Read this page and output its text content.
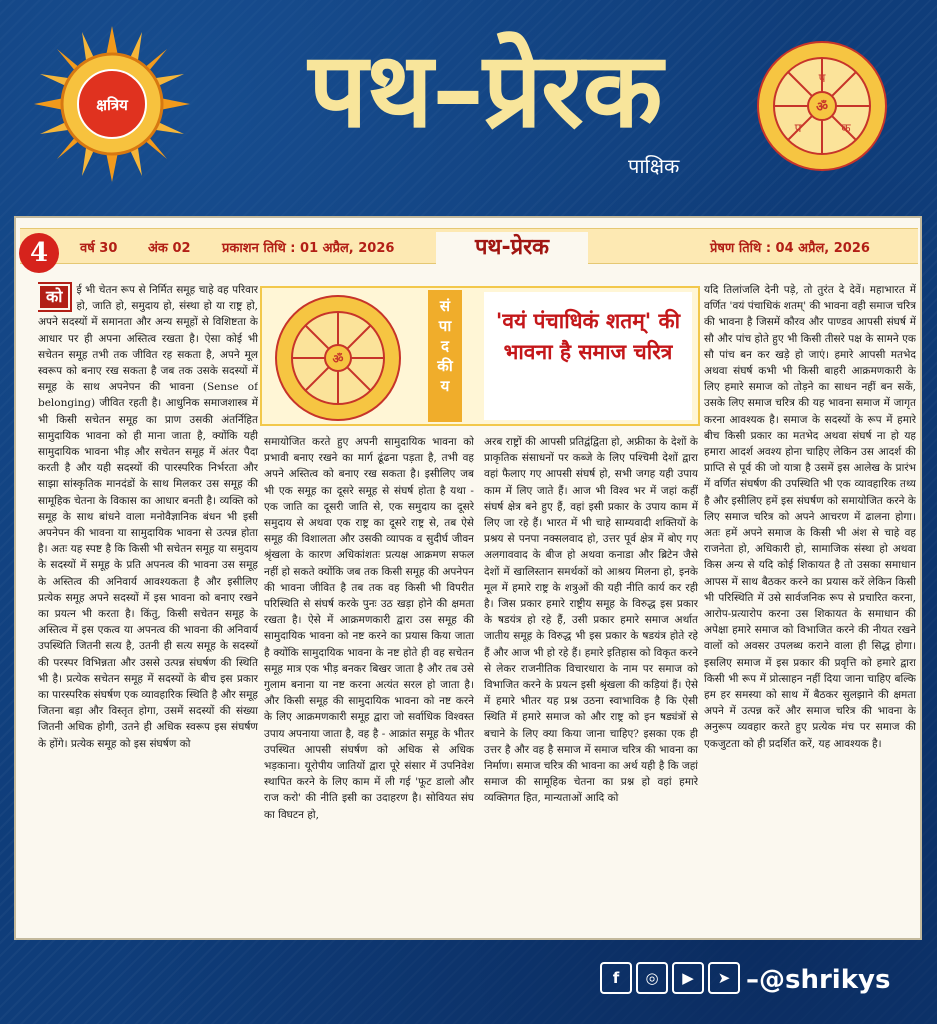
क्षत्रिय	पथ–प्रेरक
पाक्षिक
ॐ
प
प्र	क
वर्ष 30 अंक 02 प्रकाशन तिथि : 01 अप्रैल, 2026	प्रेषण तिथि : 04 अप्रैल, 2026
पथ-प्रेरक
4
को	ई भी चेतन रूप से निर्मित समूह चाहे वह परिवार हो, जाति हो, समुदाय हो, संस्था हो या राष्ट्र हो, अपने सदस्यों में समानता और अन्य समूहों से विशिष्टता के आधार पर ही अपना अस्तित्व रखता है। ऐसा कोई भी सचेतन समूह तभी तक जीवित रह सकता है, अपने मूल स्वरूप को बनाए रख सकता है जब तक उसके सदस्यों में समूह के साथ अपनेपन की भावना (Sense of belonging) जीवित रहती है। आधुनिक समाजशास्त्र में भी किसी सचेतन समूह का प्राण उसकी अंतर्निहित सामुदायिक भावना को ही माना जाता है, क्योंकि यही सामुदायिक भावना भीड़ और सचेतन समूह में अंतर पैदा करती है और यही सदस्यों की पारस्परिक निर्भरता और साझा सांस्कृतिक मानदंडों के साथ मिलकर उस समूह की सामूहिक चेतना के विकास का आधार बनती है। व्यक्ति को समूह के साथ बांधने वाला मनोवैज्ञानिक बंधन भी इसी अपनेपन की भावना या सामुदायिक भावना से उत्पन्न होता है। अतः यह स्पष्ट है कि किसी भी सचेतन समूह या समुदाय के सदस्यों में समूह के प्रति अपनत्व की भावना उस समूह के अस्तित्व की अनिवार्य आवश्यकता है और इसीलिए प्रत्येक समूह अपने सदस्यों में इस भावना को बनाए रखने का प्रयत्न भी करता है। किंतु, किसी सचेतन समूह के अस्तित्व में इस एकत्व या अपनत्व की भावना की अनिवार्य उपस्थिति जितनी सत्य है, उतनी ही सत्य समूह के सदस्यों की परस्पर विभिन्नता और उससे उत्पन्न संघर्षण की स्थिति भी है। प्रत्येक सचेतन समूह में सदस्यों के बीच इस प्रकार का पारस्परिक संघर्षण एक व्यावहारिक स्थिति है और समूह जितना बड़ा और विस्तृत होगा, उसमें सदस्यों की संख्या जितनी अधिक होगी, उतने ही अधिक स्वरूप इस संघर्षण के होंगे। प्रत्येक समूह को इस संघर्षण को

ॐ
सं
पा
द
की
य
'वयं पंचाधिकं शतम्' की भावना है समाज चरित्र

समायोजित करते हुए अपनी सामुदायिक भावना को प्रभावी बनाए रखने का मार्ग ढूंढना पड़ता है, तभी वह अपने अस्तित्व को बनाए रख सकता है। इसीलिए जब भी एक समूह का दूसरे समूह से संघर्ष होता है यथा - एक जाति का दूसरी जाति से, एक समुदाय का दूसरे समुदाय से अथवा एक राष्ट्र का दूसरे राष्ट्र से, तब ऐसे समूह की विशालता और उसकी व्यापक व सुदीर्घ जीवन श्रृंखला के कारण अधिकांशतः प्रत्यक्ष आक्रमण सफल नहीं हो सकते क्योंकि जब तक किसी समूह की अपनेपन की भावना जीवित है तब तक वह किसी भी विपरीत परिस्थिति से संघर्ष करके पुनः उठ खड़ा होने की क्षमता रखता है। ऐसे में आक्रमणकारी द्वारा उस समूह की सामुदायिक भावना को नष्ट करने का प्रयास किया जाता है क्योंकि सामुदायिक भावना के नष्ट होते ही वह सचेतन समूह मात्र एक भीड़ बनकर बिखर जाता है और तब उसे गुलाम बनाना या नष्ट करना अत्यंत सरल हो जाता है। और किसी समूह की सामुदायिक भावना को नष्ट करने के लिए आक्रमणकारी समूह द्वारा जो सर्वाधिक विश्वस्त उपाय अपनाया जाता है, वह है - आक्रांत समूह के भीतर उपस्थित आपसी संघर्षण को अधिक से अधिक भड़काना। यूरोपीय जातियों द्वारा पूरे संसार में उपनिवेश स्थापित करने के लिए काम में ली गई 'फूट डालो और राज करो' की नीति इसी का उदाहरण है। सोवियत संघ का विघटन हो,

अरब राष्ट्रों की आपसी प्रतिद्वंद्विता हो, अफ्रीका के देशों के प्राकृतिक संसाधनों पर कब्जे के लिए पश्चिमी देशों द्वारा वहां फैलाए गए आपसी संघर्ष हो, सभी जगह यही उपाय काम में लिए जाते हैं। आज भी विश्व भर में जहां कहीं संघर्ष क्षेत्र बने हुए हैं, वहां इसी प्रकार के उपाय काम में लिए जा रहे हैं। भारत में भी चाहे साम्यवादी शक्तियों के प्रश्रय से पनपा नक्सलवाद हो, उत्तर पूर्व क्षेत्र में बोए गए अलगाववाद के बीज हो अथवा कनाडा और ब्रिटेन जैसे देशों में खालिस्तान समर्थकों को आश्रय मिलना हो, इनके मूल में हमारे राष्ट्र के शत्रुओं की यही नीति कार्य कर रही है। जिस प्रकार हमारे राष्ट्रीय समूह के विरुद्ध इस प्रकार के षडयंत्र हो रहे हैं, उसी प्रकार हमारे समाज अर्थात जातीय समूह के विरुद्ध भी इस प्रकार के षडयंत्र होते रहे हैं और आज भी हो रहे हैं। हमारे इतिहास को विकृत करने से लेकर राजनीतिक विचारधारा के नाम पर समाज को विभाजित करने के प्रयत्न इसी श्रृंखला की कड़ियां हैं। ऐसे में हमारे भीतर यह प्रश्न उठना स्वाभाविक है कि ऐसी स्थिति में हमारे समाज को और राष्ट्र को इन षड्यंत्रों से बचाने के लिए क्या किया जाना चाहिए? इसका एक ही उत्तर है और वह है समाज में समाज चरित्र की भावना का निर्माण। समाज चरित्र की भावना का अर्थ यही है कि जहां समाज की सामूहिक चेतना का प्रश्न हो वहां हमारे व्यक्तिगत हित, मान्यताओं आदि को

यदि तिलांजलि देनी पड़े, तो तुरंत दे देवें। महाभारत में वर्णित 'वयं पंचाधिकं शतम्' की भावना वही समाज चरित्र की भावना है जिसमें कौरव और पाण्डव आपसी संघर्ष में सौ और पांच होते हुए भी किसी तीसरे पक्ष के सामने एक सौ पांच बन कर खड़े हो जाएं। हमारे आपसी मतभेद अथवा संघर्ष कभी भी किसी बाहरी आक्रमणकारी के लिए हमारे समाज को तोड़ने का साधन नहीं बन सकें, उसके लिए समाज चरित्र की यह भावना समाज में जागृत करना आवश्यक है। समाज के सदस्यों के रूप में हमारे बीच किसी प्रकार का मतभेद अथवा संघर्ष ना हो यह हमारा आदर्श अवश्य होना चाहिए लेकिन उस आदर्श की प्राप्ति से पूर्व की जो यात्रा है उसमें इस आलेख के प्रारंभ में वर्णित संघर्षण की उपस्थिति भी एक व्यावहारिक तथ्य है और इसीलिए हमें इस संघर्षण को समायोजित करने के लिए समाज चरित्र को अपने आचरण में ढालना होगा। अतः हमें अपने समाज के किसी भी अंश से चाहे वह राजनेता हो, अधिकारी हो, सामाजिक संस्था हो अथवा किस अन्य से यदि कोई शिकायत है तो उसका समाधान आपस में साथ बैठकर करने का प्रयास करें लेकिन किसी भी परिस्थिति में उसे सार्वजनिक रूप से प्रचारित करना, आरोप-प्रत्यारोप करना उस शिकायत के समाधान की अपेक्षा हमारे समाज को विभाजित करने की नीयत रखने वालों को अवसर उपलब्ध कराने वाला ही सिद्ध होगा। इसलिए समाज में इस प्रकार की प्रवृत्ति को हमारे द्वारा किसी भी रूप में प्रोत्साहन नहीं दिया जाना चाहिए बल्कि हम हर समस्या को साथ में बैठकर सुलझाने की क्षमता अपने में उत्पन्न करें और समाज चरित्र की भावना के अनुरूप व्यवहार करते हुए प्रत्येक मंच पर समाज की एकजुटता को ही प्रदर्शित करें, यह आवश्यक है।

f	◎	▶	➤ –@shrikys
